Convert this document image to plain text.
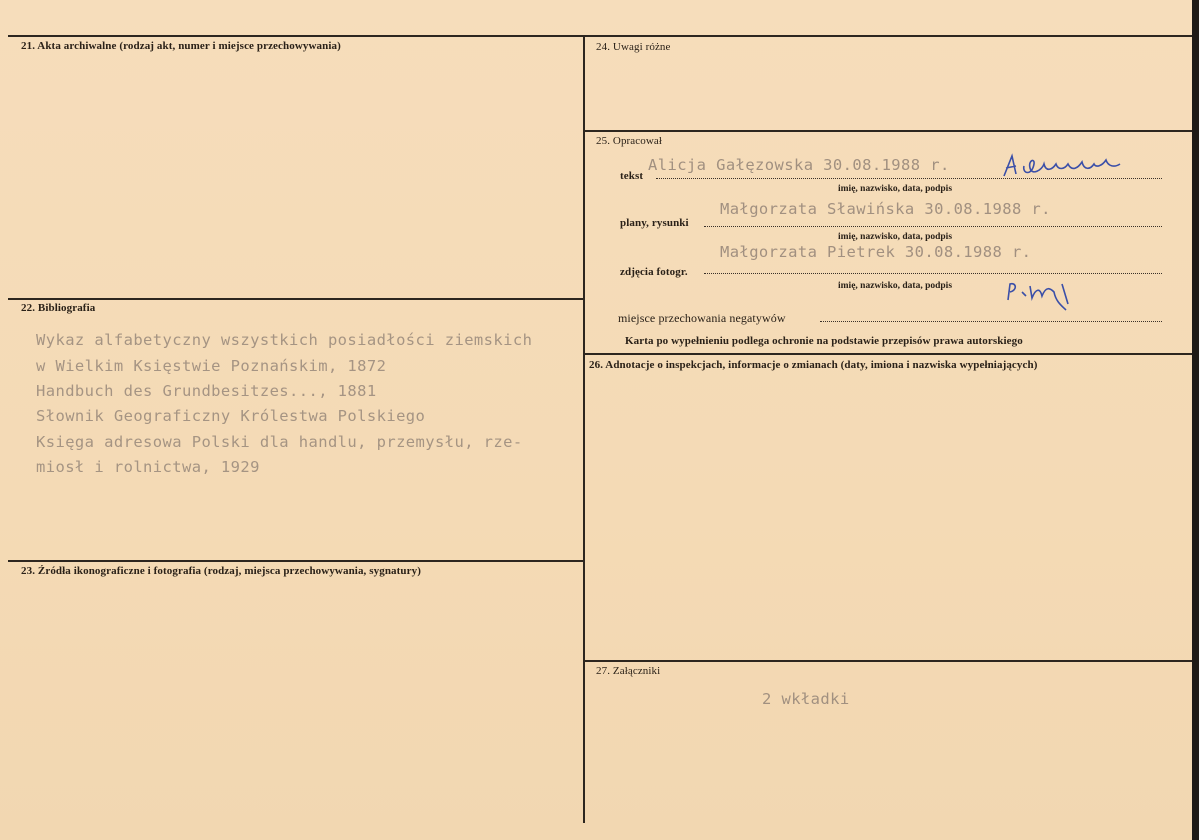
21. Akta archiwalne (rodzaj akt, numer i miejsce przechowywania)
22. Bibliografia
Wykaz alfabetyczny wszystkich posiadłości ziemskich
w Wielkim Księstwie Poznańskim, 1872
Handbuch des Grundbesitzes..., 1881
Słownik Geograficzny Królestwa Polskiego
Księga adresowa Polski dla handlu, przemysłu, rze-
miosł i rolnictwa, 1929
23. Źródła ikonograficzne i fotografia (rodzaj, miejsca przechowywania, sygnatury)
24. Uwagi różne
25. Opracował
tekst
Alicja Gałęzowska 30.08.1988 r.
imię, nazwisko, data, podpis
plany, rysunki
Małgorzata Sławińska 30.08.1988 r.
imię, nazwisko, data, podpis
zdjęcia fotogr.
Małgorzata Pietrek 30.08.1988 r.
imię, nazwisko, data, podpis
miejsce przechowania negatywów
Karta po wypełnieniu podlega ochronie na podstawie przepisów prawa autorskiego
26. Adnotacje o inspekcjach, informacje o zmianach (daty, imiona i nazwiska wypełniających)
27. Załączniki
2 wkładki
